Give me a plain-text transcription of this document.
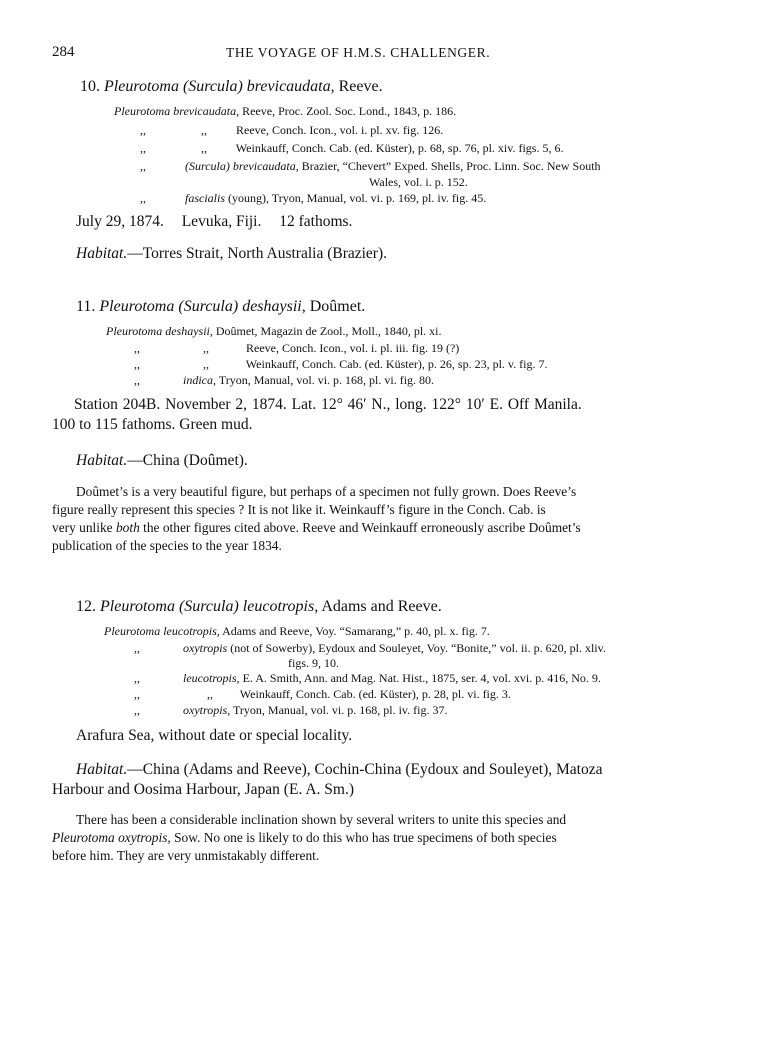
284	THE VOYAGE OF H.M.S. CHALLENGER.
10. Pleurotoma (Surcula) brevicaudata, Reeve.
Pleurotoma brevicaudata, Reeve, Proc. Zool. Soc. Lond., 1843, p. 186.
,,	,, Reeve, Conch. Icon., vol. i. pl. xv. fig. 126.
,,	,, Weinkauff, Conch. Cab. (ed. Küster), p. 68, sp. 76, pl. xiv. figs. 5, 6.
,,	(Surcula) brevicaudata, Brazier, “Chevert” Exped. Shells, Proc. Linn. Soc. New South
Wales, vol. i. p. 152.
,,	fascialis (young), Tryon, Manual, vol. vi. p. 169, pl. iv. fig. 45.
July 29, 1874. Levuka, Fiji. 12 fathoms.
Habitat.—Torres Strait, North Australia (Brazier).
11. Pleurotoma (Surcula) deshaysii, Doûmet.
Pleurotoma deshaysii, Doûmet, Magazin de Zool., Moll., 1840, pl. xi.
,,	,,	Reeve, Conch. Icon., vol. i. pl. iii. fig. 19 (?)
,,	,,	Weinkauff, Conch. Cab. (ed. Küster), p. 26, sp. 23, pl. v. fig. 7.
,,	indica, Tryon, Manual, vol. vi. p. 168, pl. vi. fig. 80.
Station 204B. November 2, 1874. Lat. 12° 46′ N., long. 122° 10′ E. Off Manila.
100 to 115 fathoms. Green mud.
Habitat.—China (Doûmet).
Doûmet’s is a very beautiful figure, but perhaps of a specimen not fully grown. Does Reeve’s
figure really represent this species ? It is not like it. Weinkauff’s figure in the Conch. Cab. is
very unlike both the other figures cited above. Reeve and Weinkauff erroneously ascribe Doûmet’s
publication of the species to the year 1834.
12. Pleurotoma (Surcula) leucotropis, Adams and Reeve.
Pleurotoma leucotropis, Adams and Reeve, Voy. “Samarang,” p. 40, pl. x. fig. 7.
,,	oxytropis (not of Sowerby), Eydoux and Souleyet, Voy. “Bonite,” vol. ii. p. 620, pl. xliv.
figs. 9, 10.
,,	leucotropis, E. A. Smith, Ann. and Mag. Nat. Hist., 1875, ser. 4, vol. xvi. p. 416, No. 9.
,,	,, Weinkauff, Conch. Cab. (ed. Küster), p. 28, pl. vi. fig. 3.
,,	oxytropis, Tryon, Manual, vol. vi. p. 168, pl. iv. fig. 37.
Arafura Sea, without date or special locality.
Habitat.—China (Adams and Reeve), Cochin-China (Eydoux and Souleyet), Matoza
Harbour and Oosima Harbour, Japan (E. A. Sm.)
There has been a considerable inclination shown by several writers to unite this species and
Pleurotoma oxytropis, Sow. No one is likely to do this who has true specimens of both species
before him. They are very unmistakably different.
